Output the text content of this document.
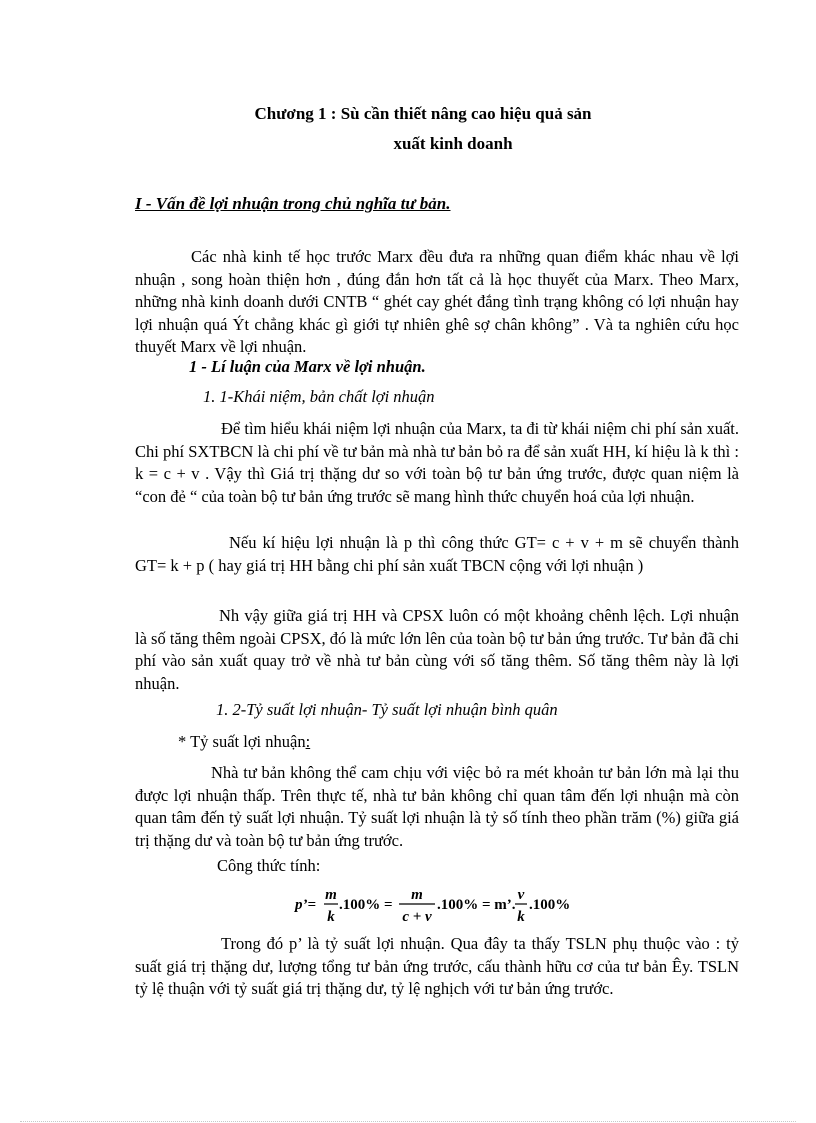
Chương 1 : Sù cần thiết nâng cao hiệu quả sản
xuất kinh doanh
I - Vấn đề lợi nhuận trong chủ nghĩa tư bản.

Các nhà kinh tế học trước Marx đều đưa ra những quan điểm khác nhau về lợi nhuận , song hoàn thiện hơn , đúng đắn hơn tất cả là học thuyết của Marx. Theo Marx, những nhà kinh doanh dưới CNTB “ ghét cay ghét đắng tình trạng không có lợi nhuận hay lợi nhuận quá Ýt chẳng khác gì giới tự nhiên ghê sợ chân không” . Và ta nghiên cứu học thuyết Marx về lợi nhuận.

1 - Lí luận của Marx về lợi nhuận.
1. 1-Khái niệm, bản chất lợi nhuận

Để tìm hiểu khái niệm lợi nhuận của Marx, ta đi từ khái niệm chi phí sản xuất. Chi phí SXTBCN là chi phí về tư bản mà nhà tư bản bỏ ra để sản xuất HH, kí hiệu là k thì : k = c + v . Vậy thì Giá trị thặng dư so với toàn bộ tư bản ứng trước, được quan niệm là “con đẻ “ của toàn bộ tư bản ứng trước sẽ mang hình thức chuyển hoá của lợi nhuận.

Nếu kí hiệu lợi nhuận là p thì công thức GT= c + v + m sẽ chuyển thành GT= k + p ( hay giá trị HH bằng chi phí sản xuất TBCN cộng với lợi nhuận )

Nh vậy giữa giá trị HH và CPSX luôn có một khoảng chênh lệch. Lợi nhuận là số tăng thêm ngoài CPSX, đó là mức lớn lên của toàn bộ tư bản ứng trước. Tư bản đã chi phí vào sản xuất quay trở về nhà tư bản cùng với số tăng thêm. Số tăng thêm này là lợi nhuận.

1. 2-Tỷ suất lợi nhuận- Tỷ suất lợi nhuận bình quân
* Tỷ suất lợi nhuận:

Nhà tư bản không thể cam chịu với việc bỏ ra mét khoản tư bản lớn mà lại thu được lợi nhuận thấp. Trên thực tế, nhà tư bản không chỉ quan tâm đến lợi nhuận mà còn quan tâm đến tỷ suất lợi nhuận. Tỷ suất lợi nhuận là tỷ số tính theo phần trăm (%) giữa giá trị thặng dư và toàn bộ tư bản ứng trước.

Công thức tính:
p’=
m
k
.100% =
m
c + v
.100% = m’.
v
k
.100%

Trong đó p’ là tỷ suất lợi nhuận. Qua đây ta thấy TSLN phụ thuộc vào : tỷ suất giá trị thặng dư, lượng tổng tư bản ứng trước, cấu thành hữu cơ của tư bản Êy. TSLN tỷ lệ thuận với tỷ suất giá trị thặng dư, tỷ lệ nghịch với tư bản ứng trước.
